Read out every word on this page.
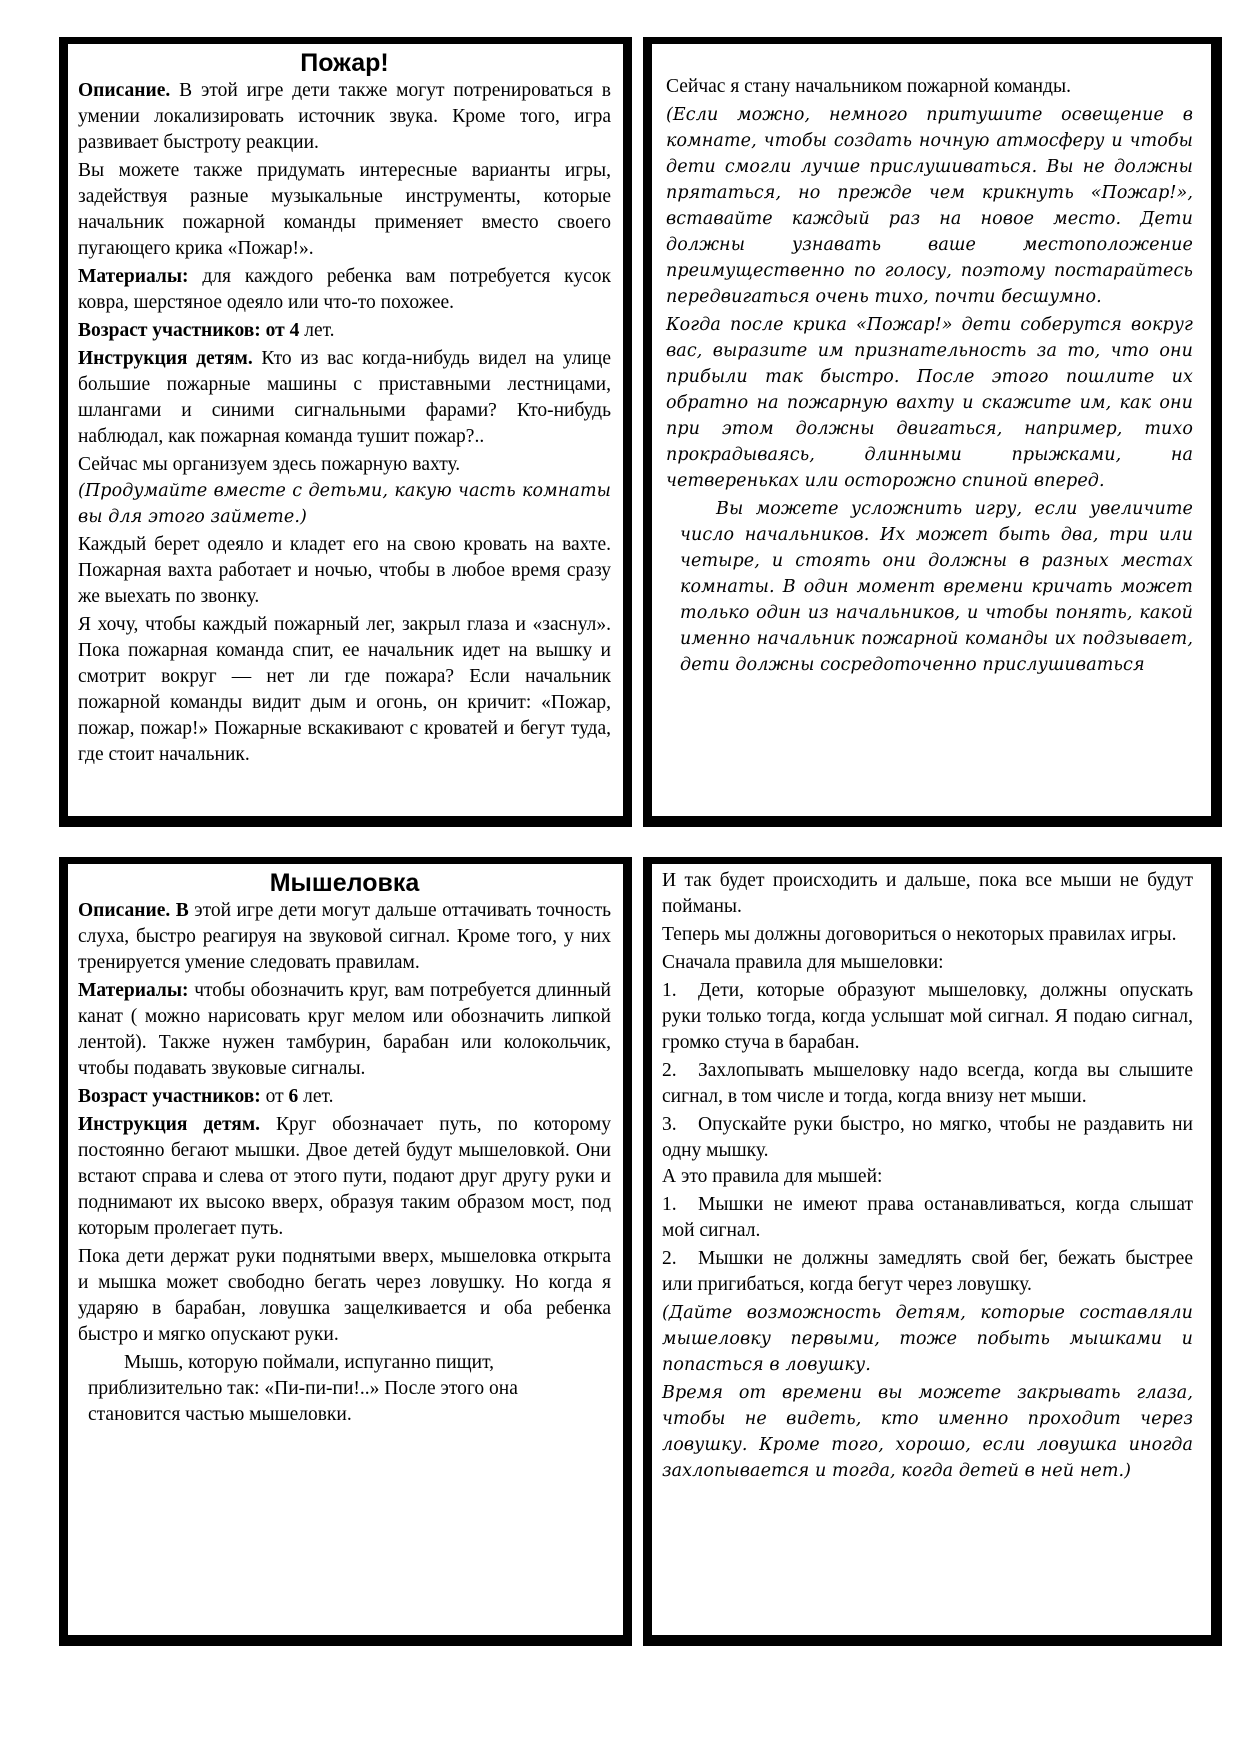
Пожар!

Описание. В этой игре дети также могут потренироваться в умении локализировать источник звука. Кроме того, игра развивает быстроту реакции.

Вы можете также придумать интересные варианты игры, задействуя разные музыкальные инструменты, которые начальник пожарной команды применяет вместо своего пугающего крика «Пожар!».

Материалы: для каждого ребенка вам потребуется кусок ковра, шерстяное одеяло или что-то похожее.

Возраст участников: от 4 лет.

Инструкция детям. Кто из вас когда-нибудь видел на улице большие пожарные машины с приставными лестницами, шлангами и синими сигнальными фарами? Кто-нибудь наблюдал, как пожарная команда тушит пожар?..

Сейчас мы организуем здесь пожарную вахту.

(Продумайте вместе с детьми, какую часть комнаты вы для этого займете.)

Каждый берет одеяло и кладет его на свою кровать на вахте. Пожарная вахта работает и ночью, чтобы в любое время сразу же выехать по звонку.

Я хочу, чтобы каждый пожарный лег, закрыл глаза и «заснул». Пока пожарная команда спит, ее начальник идет на вышку и смотрит вокруг — нет ли где пожара? Если начальник пожарной команды видит дым и огонь, он кричит: «Пожар, пожар, пожар!» Пожарные вскакивают с кроватей и бегут туда, где стоит начальник.

Сейчас я стану начальником пожарной команды.

(Если можно, немного притушите освещение в комнате, чтобы создать ночную атмосферу и чтобы дети смогли лучше прислушиваться. Вы не должны прятаться, но прежде чем крикнуть «Пожар!», вставайте каждый раз на новое место. Дети должны узнавать ваше местоположение преимущественно по голосу, поэтому постарайтесь передвигаться очень тихо, почти бесшумно.

Когда после крика «Пожар!» дети соберутся вокруг вас, выразите им признательность за то, что они прибыли так быстро. После этого пошлите их обратно на пожарную вахту и скажите им, как они при этом должны двигаться, например, тихо прокрадываясь, длинными прыжками, на четвереньках или осторожно спиной вперед.

Вы можете усложнить игру, если увеличите число начальников. Их может быть два, три или четыре, и стоять они должны в разных местах комнаты. В один момент времени кричать может только один из начальников, и чтобы понять, какой именно начальник пожарной команды их подзывает, дети должны сосредоточенно прислушиваться

Мышеловка

Описание. В этой игре дети могут дальше оттачивать точность слуха, быстро реагируя на звуковой сигнал. Кроме того, у них тренируется умение следовать правилам.

Материалы: чтобы обозначить круг, вам потребуется длинный канат ( можно нарисовать круг мелом или обозначить липкой лентой). Также нужен тамбурин, барабан или колокольчик, чтобы подавать звуковые сигналы.

Возраст участников: от 6 лет.

Инструкция детям. Круг обозначает путь, по которому постоянно бегают мышки. Двое детей будут мышеловкой. Они встают справа и слева от этого пути, подают друг другу руки и поднимают их высоко вверх, образуя таким образом мост, под которым пролегает путь.

Пока дети держат руки поднятыми вверх, мышеловка открыта и мышка может свободно бегать через ловушку. Но когда я ударяю в барабан, ловушка защелкивается и оба ребенка быстро и мягко опускают руки.

Мышь, которую поймали, испуганно пищит, приблизительно так: «Пи-пи-пи!..» После этого она становится частью мышеловки.

И так будет происходить и дальше, пока все мыши не будут пойманы.

Теперь мы должны договориться о некоторых правилах игры.

Сначала правила для мышеловки:

1. Дети, которые образуют мышеловку, должны опускать руки только тогда, когда услышат мой сигнал. Я подаю сигнал, громко стуча в барабан.

2. Захлопывать мышеловку надо всегда, когда вы слышите сигнал, в том числе и тогда, когда внизу нет мыши.

3. Опускайте руки быстро, но мягко, чтобы не раздавить ни одну мышку.

А это правила для мышей:

1. Мышки не имеют права останавливаться, когда слышат мой сигнал.

2. Мышки не должны замедлять свой бег, бежать быстрее или пригибаться, когда бегут через ловушку.

(Дайте возможность детям, которые составляли мышеловку первыми, тоже побыть мышками и попасться в ловушку.

Время от времени вы можете закрывать глаза, чтобы не видеть, кто именно проходит через ловушку. Кроме того, хорошо, если ловушка иногда захлопывается и тогда, когда детей в ней нет.)
